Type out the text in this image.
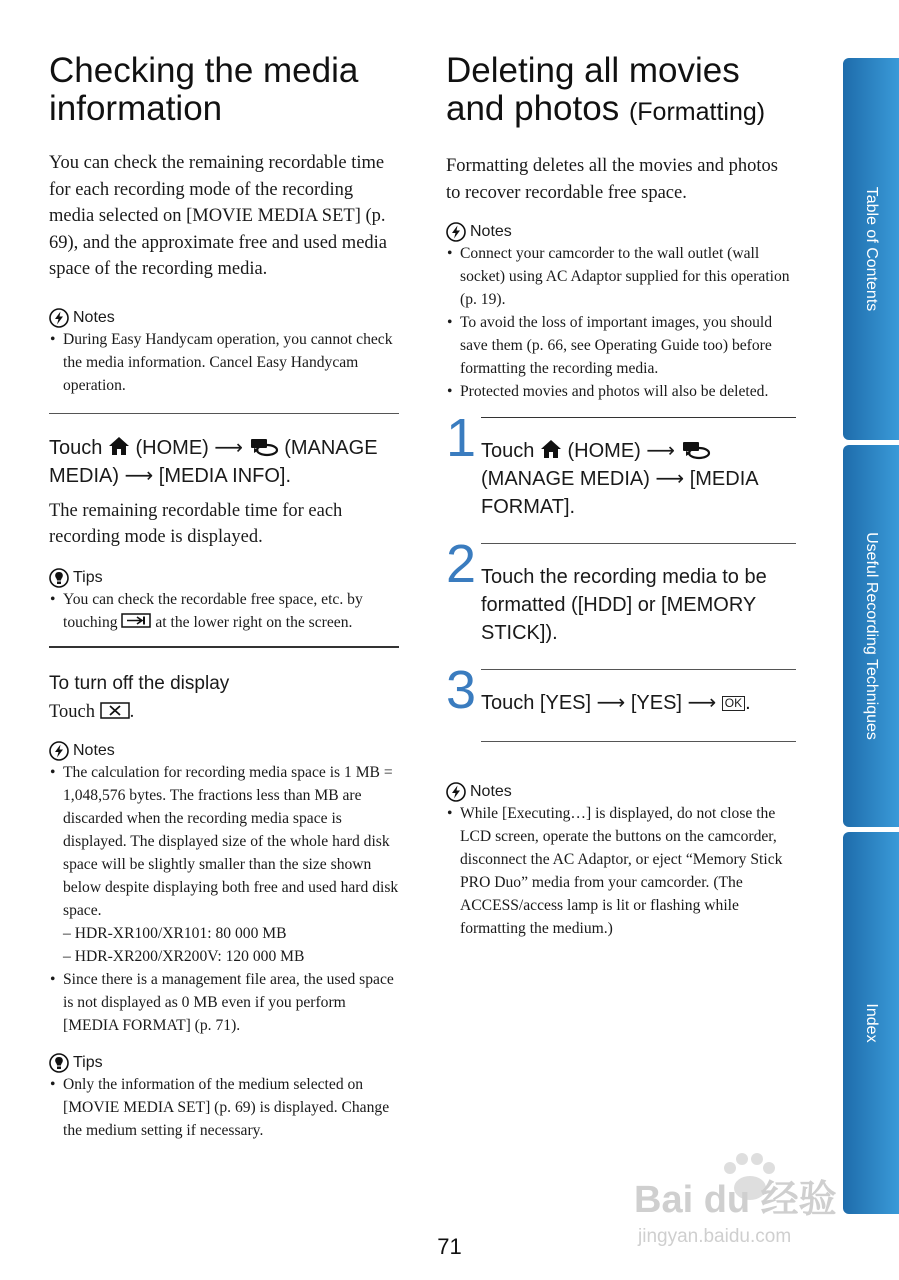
Checking the media
information

You can check the remaining recordable time for each recording mode of the recording media selected on [MOVIE MEDIA SET] (p. 69), and the approximate free and used media space of the recording media.

Notes

• During Easy Handycam operation, you cannot check the media information. Cancel Easy Handycam operation.
Touch (HOME) ⟶ (MANAGE MEDIA) ⟶ [MEDIA INFO].

The remaining recordable time for each recording mode is displayed.

Tips

• You can check the recordable free space, etc. by touching at the lower right on the screen.
To turn off the display

Touch .

Notes

• The calculation for recording media space is 1 MB = 1,048,576 bytes. The fractions less than MB are discarded when the recording media space is displayed. The displayed size of the whole hard disk space will be slightly smaller than the size shown below despite displaying both free and used hard disk space.
– HDR-XR100/XR101: 80 000 MB
– HDR-XR200/XR200V: 120 000 MB
• Since there is a management file area, the used space is not displayed as 0 MB even if you perform [MEDIA FORMAT] (p. 71).

Tips

• Only the information of the medium selected on [MOVIE MEDIA SET] (p. 69) is displayed. Change the medium setting if necessary.
Deleting all movies
and photos (Formatting)

Formatting deletes all the movies and photos to recover recordable free space.

Notes

• Connect your camcorder to the wall outlet (wall socket) using AC Adaptor supplied for this operation (p. 19).
• To avoid the loss of important images, you should save them (p. 66, see Operating Guide too) before formatting the recording media.
• Protected movies and photos will also be deleted.
1 Touch (HOME) ⟶  (MANAGE MEDIA) ⟶ [MEDIA FORMAT].
2 Touch the recording media to be formatted ([HDD] or [MEMORY STICK]).
3 Touch [YES] ⟶ [YES] ⟶ OK .

Notes

• While [Executing…] is displayed, do not close the LCD screen, operate the buttons on the camcorder, disconnect the AC Adaptor, or eject “Memory Stick PRO Duo” media from your camcorder. (The ACCESS/access lamp is lit or flashing while formatting the medium.)
Table of Contents
Useful Recording Techniques
Index
Bai du 经验
jingyan.baidu.com
71
